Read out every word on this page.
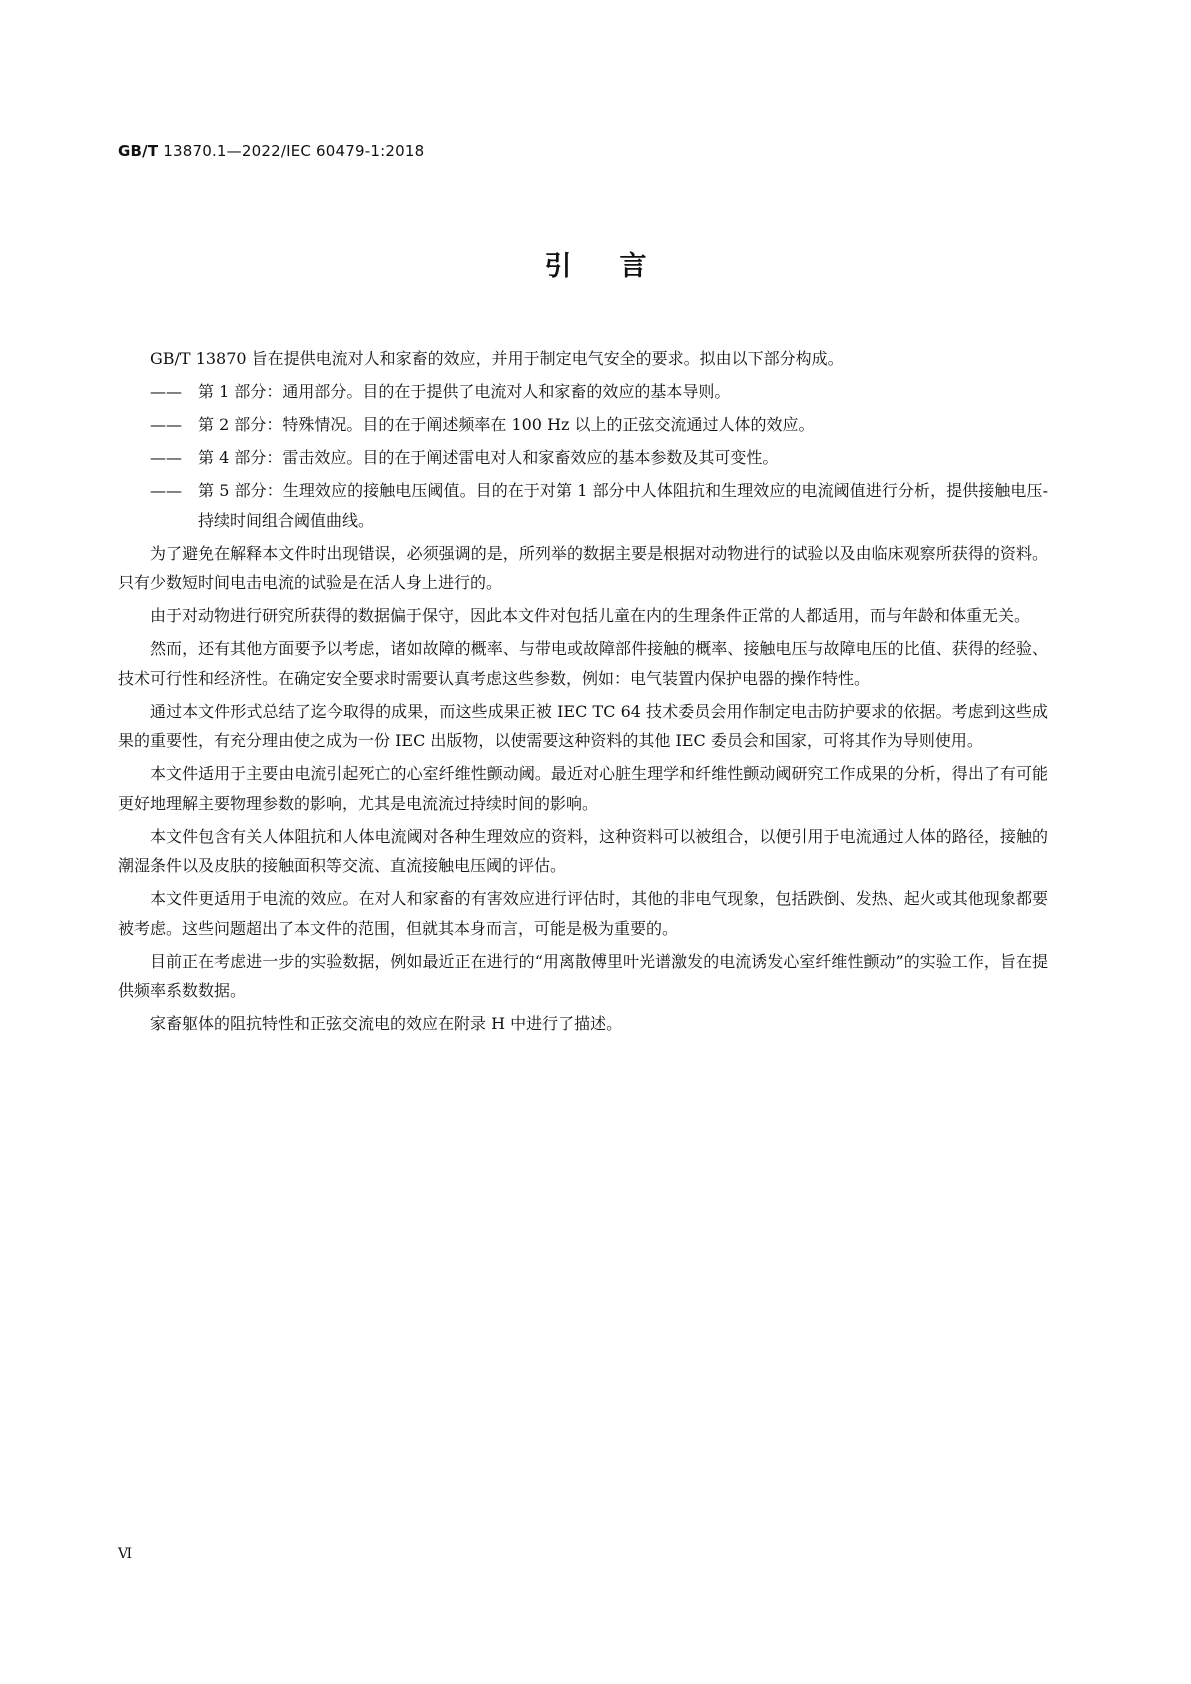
GB/T 13870.1—2022/IEC 60479-1:2018
引言

GB/T 13870 旨在提供电流对人和家畜的效应，并用于制定电气安全的要求。拟由以下部分构成。

——	第 1 部分：通用部分。目的在于提供了电流对人和家畜的效应的基本导则。
——	第 2 部分：特殊情况。目的在于阐述频率在 100 Hz 以上的正弦交流通过人体的效应。
——	第 4 部分：雷击效应。目的在于阐述雷电对人和家畜效应的基本参数及其可变性。
——	第 5 部分：生理效应的接触电压阈值。目的在于对第 1 部分中人体阻抗和生理效应的电流阈值进行分析，提供接触电压-持续时间组合阈值曲线。

为了避免在解释本文件时出现错误，必须强调的是，所列举的数据主要是根据对动物进行的试验以及由临床观察所获得的资料。只有少数短时间电击电流的试验是在活人身上进行的。

由于对动物进行研究所获得的数据偏于保守，因此本文件对包括儿童在内的生理条件正常的人都适用，而与年龄和体重无关。

然而，还有其他方面要予以考虑，诸如故障的概率、与带电或故障部件接触的概率、接触电压与故障电压的比值、获得的经验、技术可行性和经济性。在确定安全要求时需要认真考虑这些参数，例如：电气装置内保护电器的操作特性。

通过本文件形式总结了迄今取得的成果，而这些成果正被 IEC TC 64 技术委员会用作制定电击防护要求的依据。考虑到这些成果的重要性，有充分理由使之成为一份 IEC 出版物，以使需要这种资料的其他 IEC 委员会和国家，可将其作为导则使用。

本文件适用于主要由电流引起死亡的心室纤维性颤动阈。最近对心脏生理学和纤维性颤动阈研究工作成果的分析，得出了有可能更好地理解主要物理参数的影响，尤其是电流流过持续时间的影响。

本文件包含有关人体阻抗和人体电流阈对各种生理效应的资料，这种资料可以被组合，以便引用于电流通过人体的路径，接触的潮湿条件以及皮肤的接触面积等交流、直流接触电压阈的评估。

本文件更适用于电流的效应。在对人和家畜的有害效应进行评估时，其他的非电气现象，包括跌倒、发热、起火或其他现象都要被考虑。这些问题超出了本文件的范围，但就其本身而言，可能是极为重要的。

目前正在考虑进一步的实验数据，例如最近正在进行的“用离散傅里叶光谱激发的电流诱发心室纤维性颤动”的实验工作，旨在提供频率系数数据。

家畜躯体的阻抗特性和正弦交流电的效应在附录 H 中进行了描述。

Ⅵ
